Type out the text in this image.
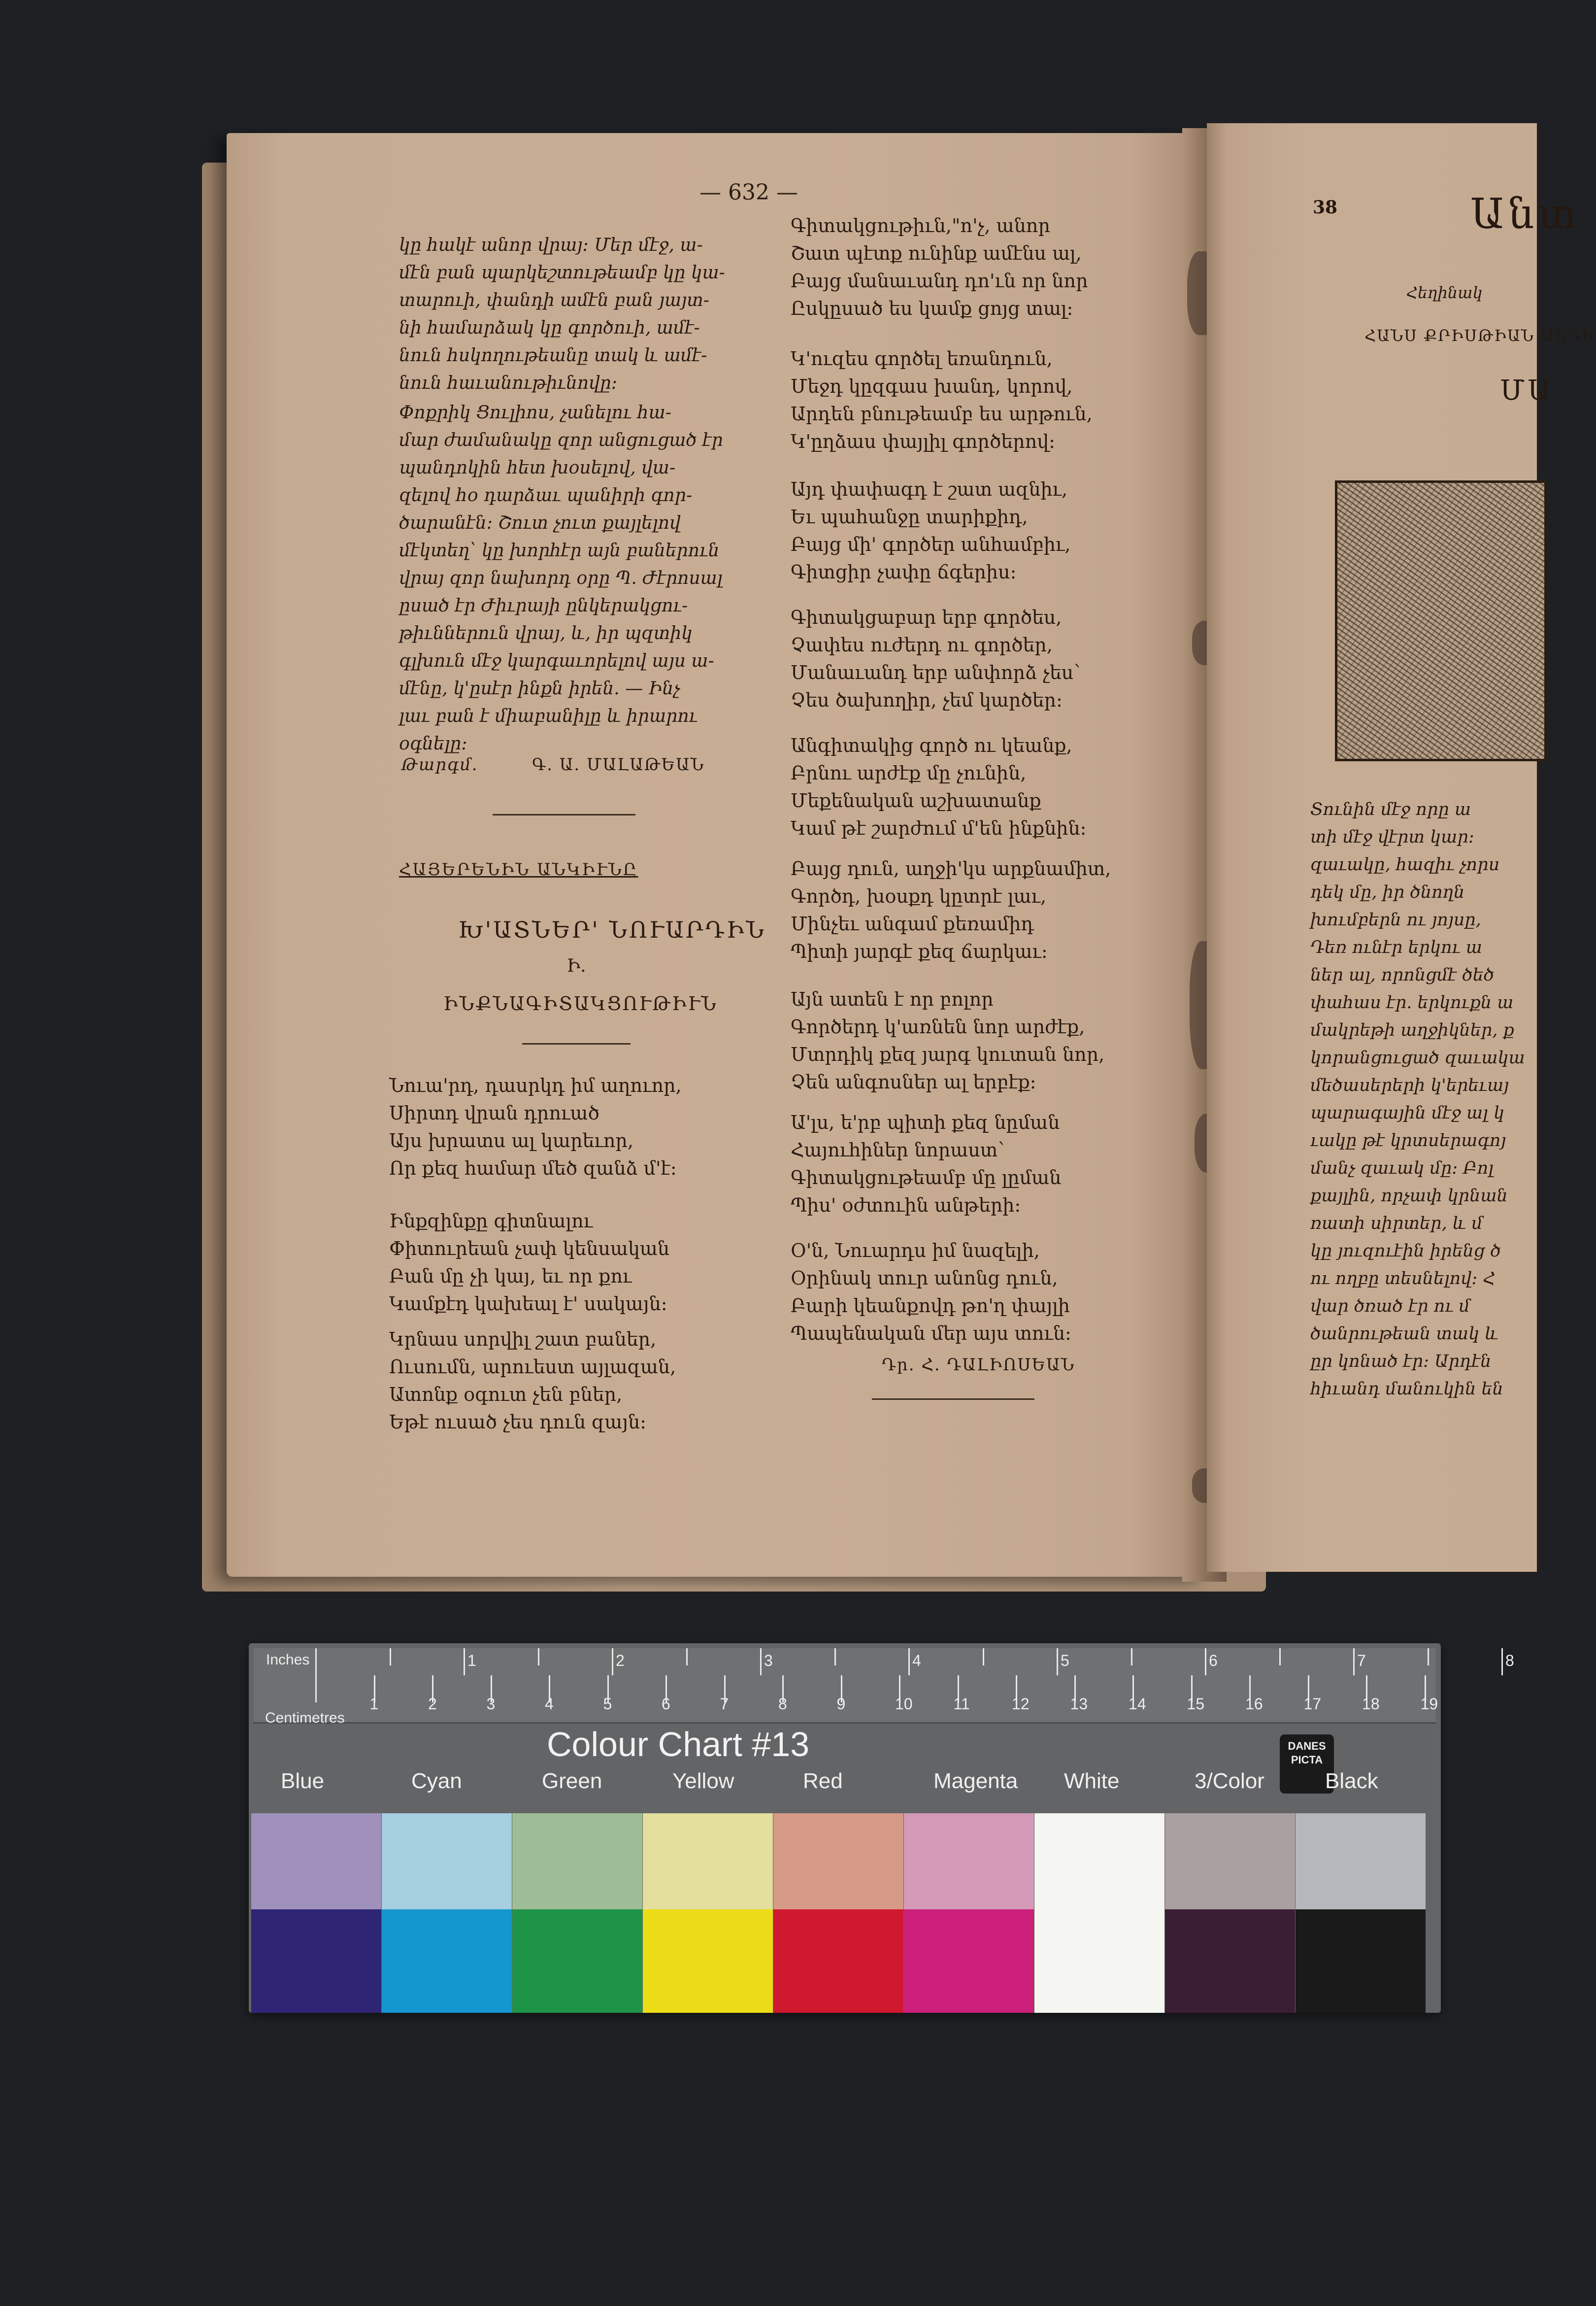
— 632 —
կը հակէ անոր վրայ։ Մեր մէջ, ա-
մէն բան պարկեշտութեամբ կը կա-
տարուի, փանդի ամէն բան յայտ-
նի համարձակ կը գործուի, ամէ-
նուն հսկողութեանը տակ և ամէ-
նուն հաւանութիւնովը։
Փոքրիկ Ցուլիոս, չանելու հա-
մար ժամանակը զոր անցուցած էր
պանդոկին հետ խօսելով, վա-
զելով հօ դարձաւ պանիրի գոր-
ծարանէն։ Շուտ չուտ քայլելով
մէկտեղ՝ կը խորհէր այն բաներուն
վրայ զոր նախորդ օրը Պ. Ժէրոսալ
ըսած էր Ժիւրայի ընկերակցու-
թիւններուն վրայ, և, իր պզտիկ
գլխուն մէջ կարգաւորելով այս ա-
մէնը, կ'ըսէր ինքն իրեն. — Ինչ
լաւ բան է միաբանիլը և իրարու
օգնելը։
Թարգմ.	Գ. Ա. ՄԱԼԱԹԵԱՆ
ՀԱՅԵՐԵՆԻՆ ԱՆԿԻՒՆԸ
Խ'ԱՏՆԵՐ' ՆՈՒԱՐԴԻՆ
Ի.
ԻՆՔՆԱԳԻՏԱԿՑՈՒԹԻՒՆ
Նուա'րդ, դասրկդ իմ աղուոր,
Սիրտդ վրան դրուած
Այս խրատս ալ կարեւոր,
Որ քեզ համար մեծ զանձ մ'է:
Ինքզինքը գիտնալու
Փիտուրեան չափ կենսական
Բան մը չի կայ, եւ որ քու
Կամքէդ կախեալ է' սակայն:
Կրնաս սորվիլ շատ բաներ,
Ուսումն, արուեստ այլազան,
Ատոնք օգուտ չեն բներ,
Եթէ ուսած չես դուն զայն:
Գիտակցութիւն,"ո'չ, անոր
Շատ պէտք ունինք ամէնս ալ,
Բայց մանաւանդ դո'ւն որ նոր
Ըսկըսած ես կամք ցոյց տալ:
Կ'ուզես գործել եռանդուն,
Մեջդ կըզգաս խանդ, կորով,
Արդեն բնութեամբ ես արթուն,
Կ'ըղձաս փայլիլ գործերով:
Այդ փափագդ է շատ ազնիւ,
Եւ պահանջը տարիքիդ,
Բայց մի' գործեր անհամբիւ,
Գիտցիր չափը ճգերիս:
Գիտակցաբար երբ գործես,
Չափես ուժերդ ու գործեր,
Մանաւանդ երբ անփորձ չես՝
Չես ծախողիր, չեմ կարծեր:
Անգիտակից գործ ու կեանք,
Բրնու արժէք մը չունին,
Մեքենական աշխատանք
Կամ թէ շարժում մ'են ինքնին:
Բայց դուն, աղջի'կս արքնամիտ,
Գործդ, խօսքդ կըտրէ լաւ,
Մինչեւ անգամ քեռամիդ
Պիտի յարգէ քեզ ճարկաւ:
Այն ատեն է որ բոլոր
Գործերդ կ'առնեն նոր արժէք,
Մտրդիկ քեզ յարգ կուտան նոր,
Չեն անգոսներ ալ երբէք:
Ա'լս, ե'րբ պիտի քեզ նըման
Հայուհիներ նորաստ՝
Գիտակցութեամբ մը լըման
Պիս' օժտուին անթերի:
Օ'ն, Նուարդս իմ նազելի,
Օրինակ տուր անոնց դուն,
Բարի կեանքովդ թո'ղ փայլի
Պապենական մեր այս տուն:
Դր. Հ. ԴԱԼԻՈՍԵԱՆ
38	Անտ
Հեղինակ
ՀԱՆՍ ՔՐԻՍԹԻԱՆ ԱՆԴԵ
ՄԱ
Տունին մէջ որը ա
տի մէջ վէրտ կար։
զաւակը, հազիւ չորս
դեկ մը, իր ծնողն
խումբերն ու յոյսը,
Դեռ ունէր երկու ա
ներ ալ, որոնցմէ ծեծ
փահաս էր. երկուքն ա
մակրեթի աղջիկներ, ք
կորանցուցած զաւակա
մեծասերերի կ'երեւայ
պարագային մէջ ալ կ
ւակը թէ կրտսերագոյ
մանչ զաւակ մը։ Բոլ
քայլին, որչափ կրնան
ռատի սիրտեր, և մ
կը յուզուէին իրենց ծ
ու ողբը տեսնելով։ Հ
վար ծռած էր ու մ
ծանրութեան տակ և
ըր կոնած էր։ Արդէն
հիւանդ մանուկին են
Inches
Centimetres
1	2	3	4	5	6	7	8
1	2	3	4	5	6	7	8	9	10	11	12	13	14	15	16	17	18	19
Colour Chart #13	DANES PICTA
Blue	Cyan	Green	Yellow	Red	Magenta White	3/Color	Black
